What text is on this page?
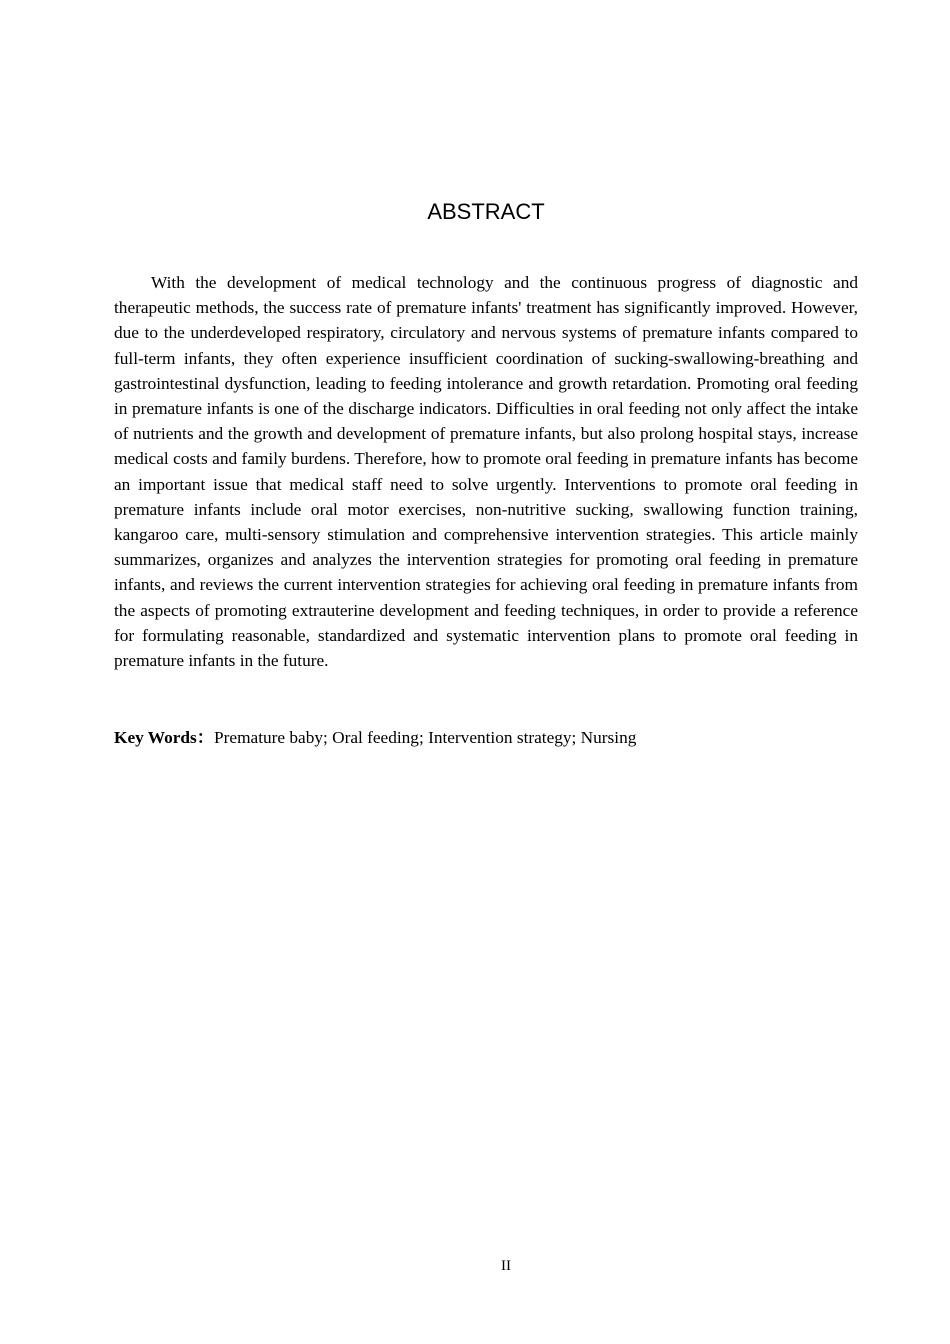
ABSTRACT

With the development of medical technology and the continuous progress of diagnostic and therapeutic methods, the success rate of premature infants' treatment has significantly improved. However, due to the underdeveloped respiratory, circulatory and nervous systems of premature infants compared to full-term infants, they often experience insufficient coordination of sucking-swallowing-breathing and gastrointestinal dysfunction, leading to feeding intolerance and growth retardation. Promoting oral feeding in premature infants is one of the discharge indicators. Difficulties in oral feeding not only affect the intake of nutrients and the growth and development of premature infants, but also prolong hospital stays, increase medical costs and family burdens. Therefore, how to promote oral feeding in premature infants has become an important issue that medical staff need to solve urgently. Interventions to promote oral feeding in premature infants include oral motor exercises, non-nutritive sucking, swallowing function training, kangaroo care, multi-sensory stimulation and comprehensive intervention strategies. This article mainly summarizes, organizes and analyzes the intervention strategies for promoting oral feeding in premature infants, and reviews the current intervention strategies for achieving oral feeding in premature infants from the aspects of promoting extrauterine development and feeding techniques, in order to provide a reference for formulating reasonable, standardized and systematic intervention plans to promote oral feeding in premature infants in the future.

Key Words：Premature baby; Oral feeding; Intervention strategy; Nursing
II
